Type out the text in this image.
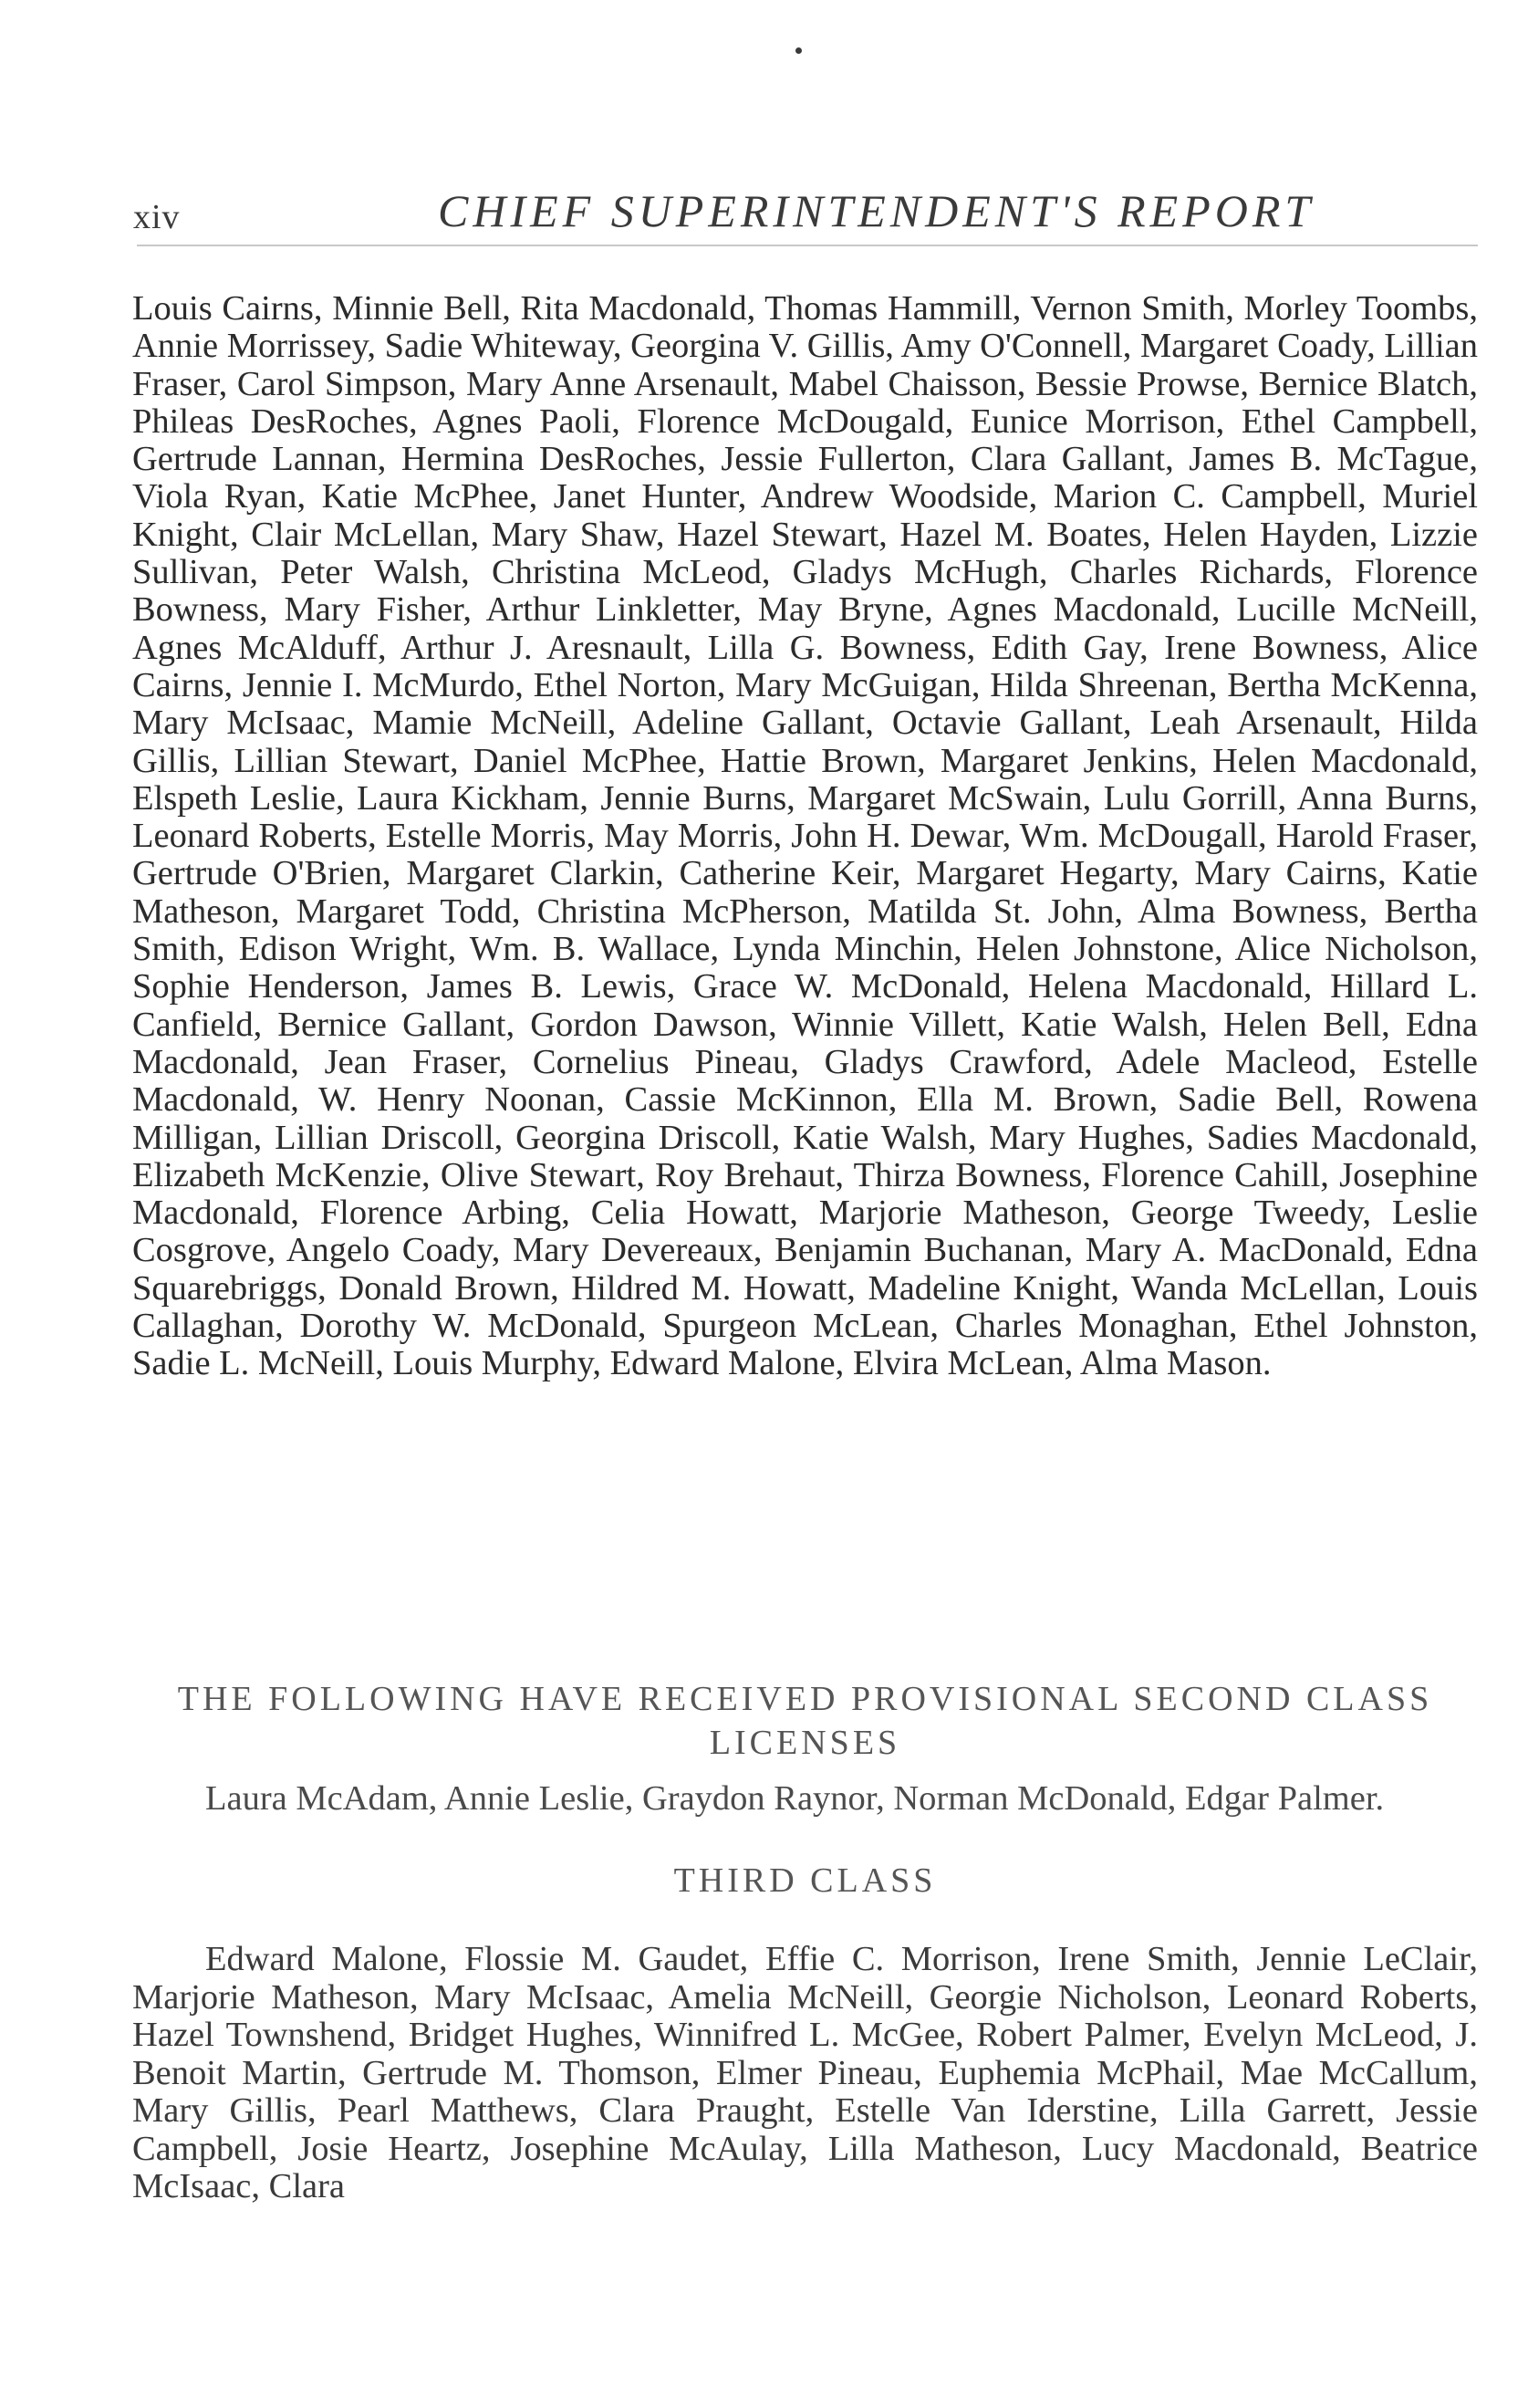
xiv	CHIEF SUPERINTENDENT'S REPORT

Louis Cairns, Minnie Bell, Rita Macdonald, Thomas Hammill, Vernon Smith, Morley Toombs, Annie Morrissey, Sadie Whiteway, Georgina V. Gillis, Amy O'Connell, Margaret Coady, Lillian Fraser, Carol Simpson, Mary Anne Arsenault, Mabel Chaisson, Bessie Prowse, Bernice Blatch, Phileas DesRoches, Agnes Paoli, Florence McDougald, Eunice Morrison, Ethel Campbell, Gertrude Lannan, Hermina DesRoches, Jessie Fullerton, Clara Gallant, James B. McTague, Viola Ryan, Katie McPhee, Janet Hunter, Andrew Woodside, Marion C. Campbell, Muriel Knight, Clair McLellan, Mary Shaw, Hazel Stewart, Hazel M. Boates, Helen Hayden, Lizzie Sullivan, Peter Walsh, Christina McLeod, Gladys McHugh, Charles Richards, Florence Bowness, Mary Fisher, Arthur Linkletter, May Bryne, Agnes Macdonald, Lucille McNeill, Agnes McAlduff, Arthur J. Aresnault, Lilla G. Bowness, Edith Gay, Irene Bowness, Alice Cairns, Jennie I. McMurdo, Ethel Norton, Mary McGuigan, Hilda Shreenan, Bertha McKenna, Mary McIsaac, Mamie McNeill, Adeline Gallant, Octavie Gallant, Leah Arsenault, Hilda Gillis, Lillian Stewart, Daniel McPhee, Hattie Brown, Margaret Jenkins, Helen Macdonald, Elspeth Leslie, Laura Kickham, Jennie Burns, Margaret McSwain, Lulu Gorrill, Anna Burns, Leonard Roberts, Estelle Morris, May Morris, John H. Dewar, Wm. McDougall, Harold Fraser, Gertrude O'Brien, Margaret Clarkin, Catherine Keir, Margaret Hegarty, Mary Cairns, Katie Matheson, Margaret Todd, Christina McPherson, Matilda St. John, Alma Bowness, Bertha Smith, Edison Wright, Wm. B. Wallace, Lynda Minchin, Helen Johnstone, Alice Nicholson, Sophie Henderson, James B. Lewis, Grace W. McDonald, Helena Macdonald, Hillard L. Canfield, Bernice Gallant, Gordon Dawson, Winnie Villett, Katie Walsh, Helen Bell, Edna Macdonald, Jean Fraser, Cornelius Pineau, Gladys Crawford, Adele Macleod, Estelle Macdonald, W. Henry Noonan, Cassie McKinnon, Ella M. Brown, Sadie Bell, Rowena Milligan, Lillian Driscoll, Georgina Driscoll, Katie Walsh, Mary Hughes, Sadies Macdonald, Elizabeth McKenzie, Olive Stewart, Roy Brehaut, Thirza Bowness, Florence Cahill, Josephine Macdonald, Florence Arbing, Celia Howatt, Marjorie Matheson, George Tweedy, Leslie Cosgrove, Angelo Coady, Mary Devereaux, Benjamin Buchanan, Mary A. MacDonald, Edna Squarebriggs, Donald Brown, Hildred M. Howatt, Madeline Knight, Wanda McLellan, Louis Callaghan, Dorothy W. McDonald, Spurgeon McLean, Charles Monaghan, Ethel Johnston, Sadie L. McNeill, Louis Murphy, Edward Malone, Elvira McLean, Alma Mason.

THE FOLLOWING HAVE RECEIVED PROVISIONAL SECOND CLASS LICENSES

Laura McAdam, Annie Leslie, Graydon Raynor, Norman McDonald, Edgar Palmer.

THIRD CLASS

Edward Malone, Flossie M. Gaudet, Effie C. Morrison, Irene Smith, Jennie LeClair, Marjorie Matheson, Mary McIsaac, Amelia McNeill, Georgie Nicholson, Leonard Roberts, Hazel Townshend, Bridget Hughes, Winnifred L. McGee, Robert Palmer, Evelyn McLeod, J. Benoit Martin, Gertrude M. Thomson, Elmer Pineau, Euphemia McPhail, Mae McCallum, Mary Gillis, Pearl Matthews, Clara Praught, Estelle Van Iderstine, Lilla Garrett, Jessie Campbell, Josie Heartz, Josephine McAulay, Lilla Matheson, Lucy Macdonald, Beatrice McIsaac, Clara
